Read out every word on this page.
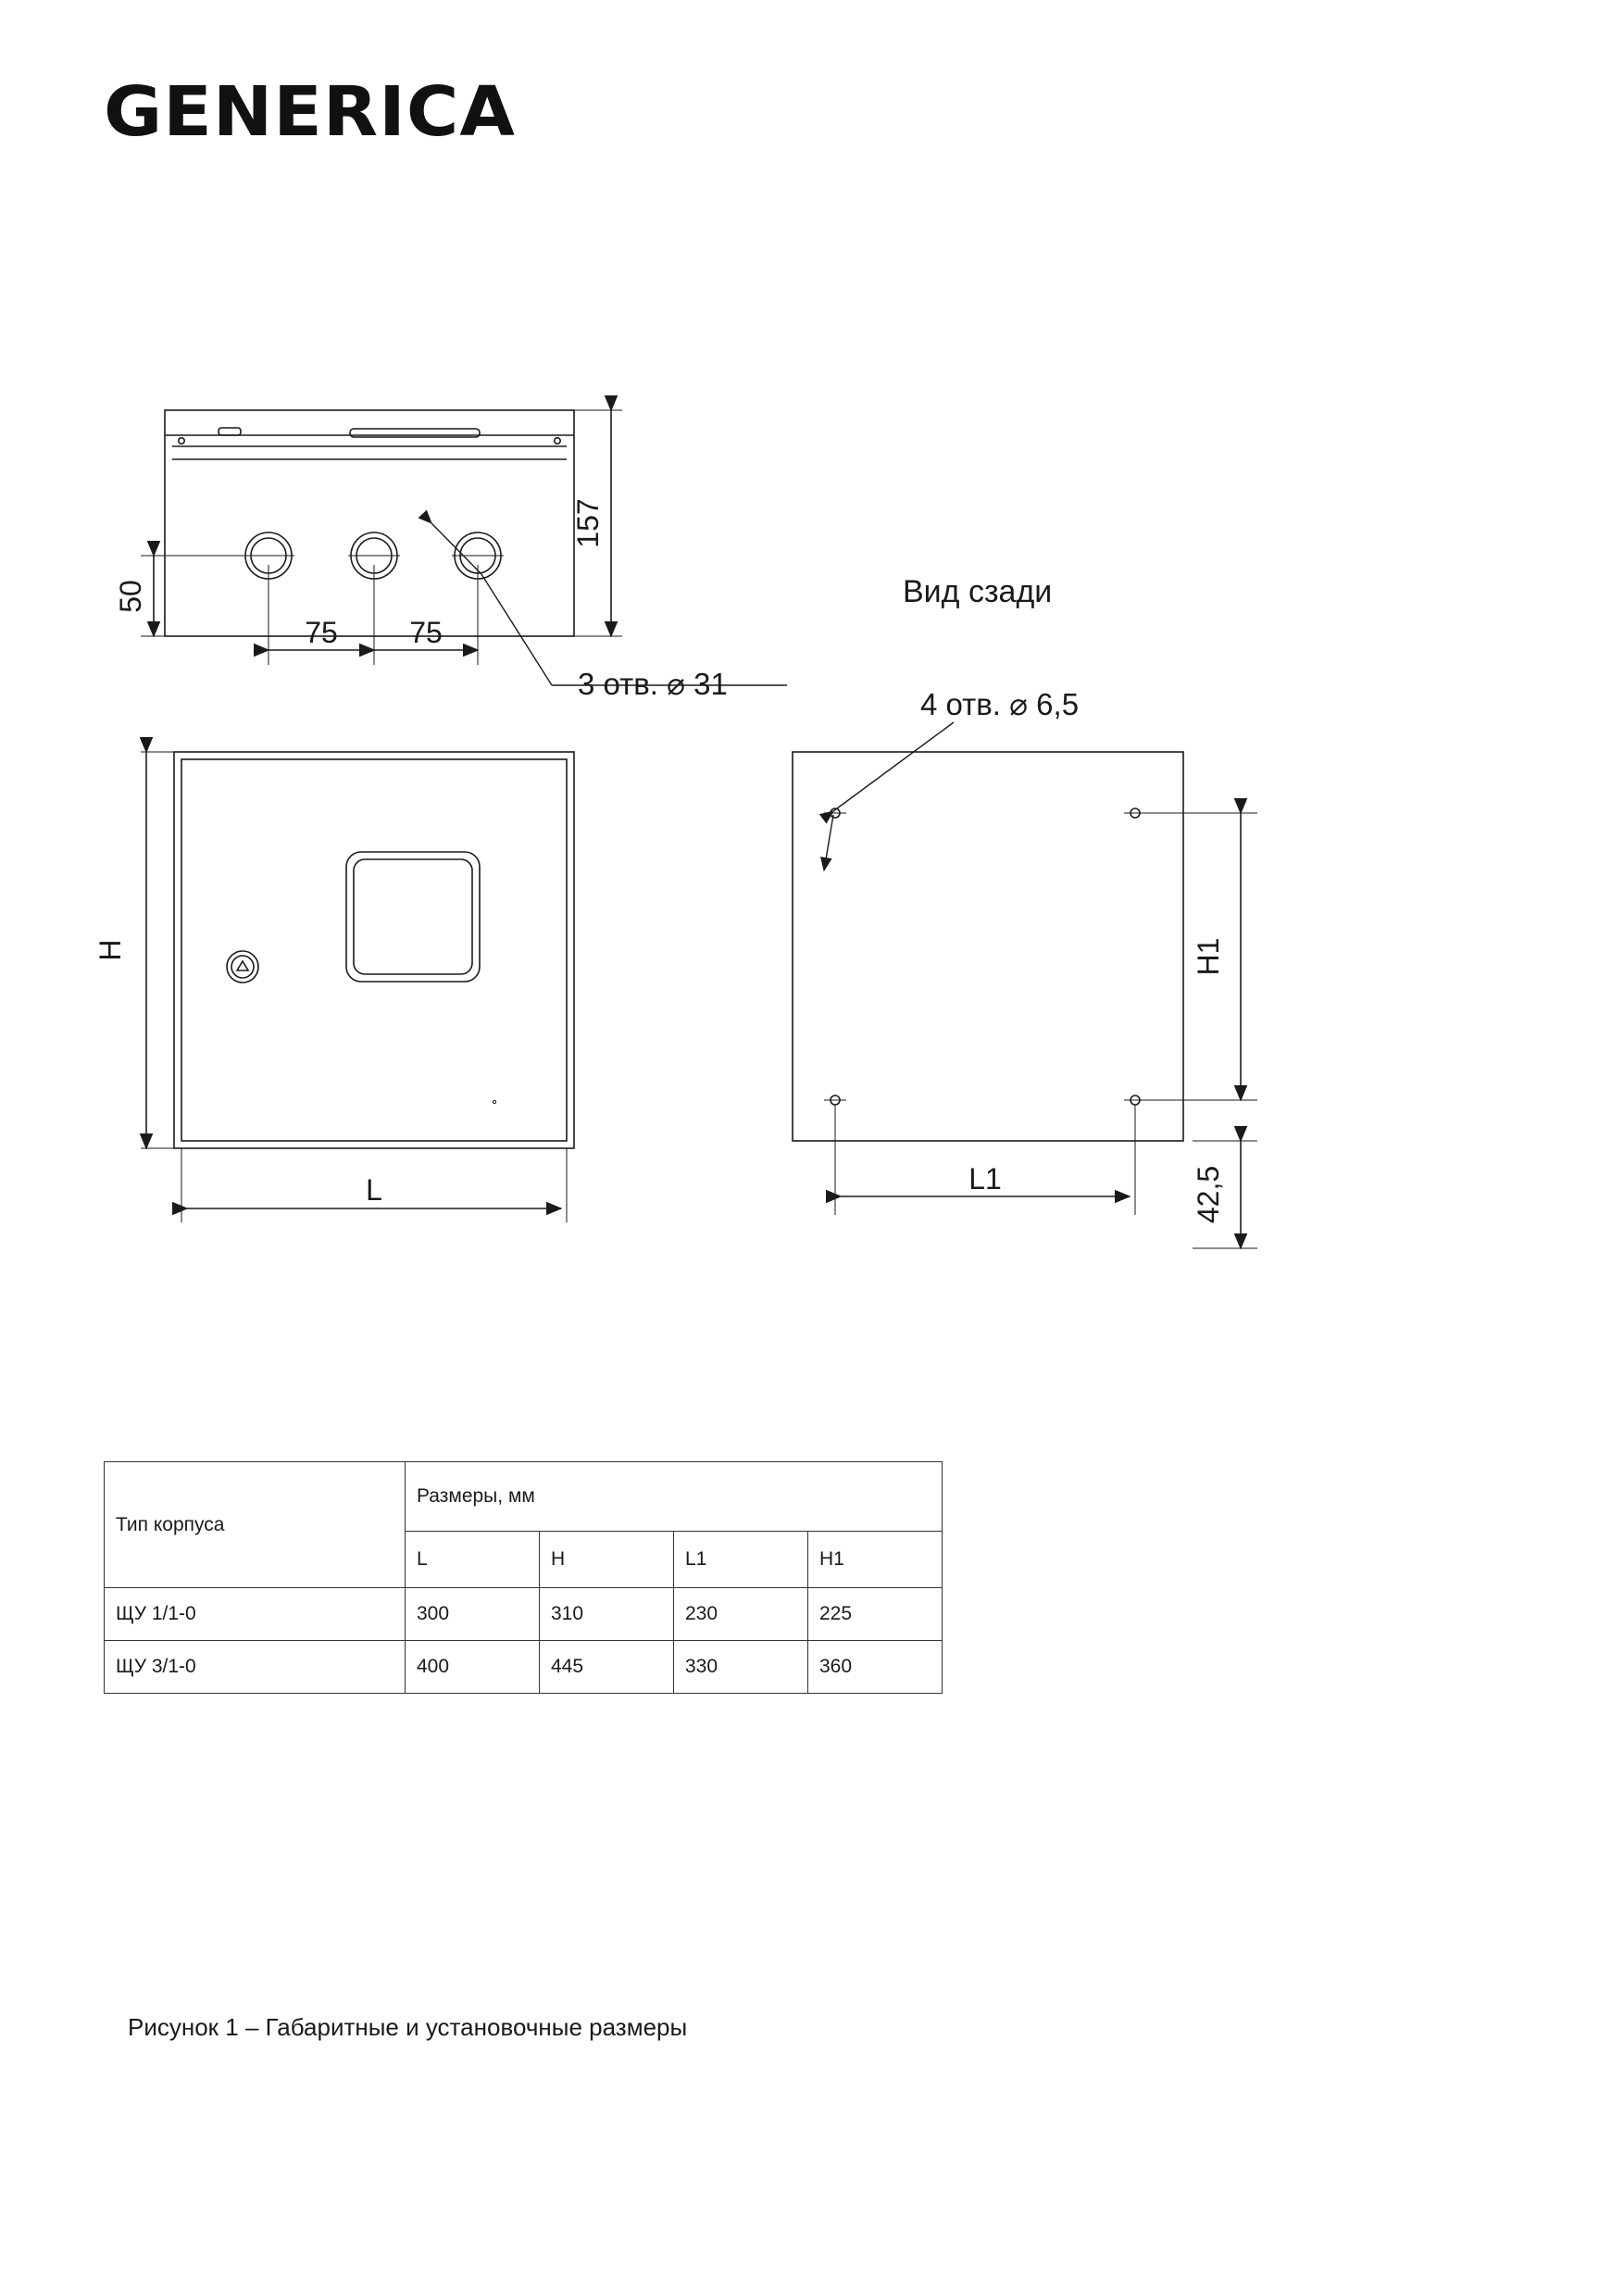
GENERICA
157
50
75 75
3 отв. ⌀ 31
Вид сзади
4 отв. ⌀ 6,5
H
L
H1
L1	42,5
Тип корпуса	Размеры, мм			
	L	H	L1	H1
ЩУ 1/1-0	300	310	230	225
ЩУ 3/1-0	400	445	330	360
Рисунок 1 – Габаритные и установочные размеры
